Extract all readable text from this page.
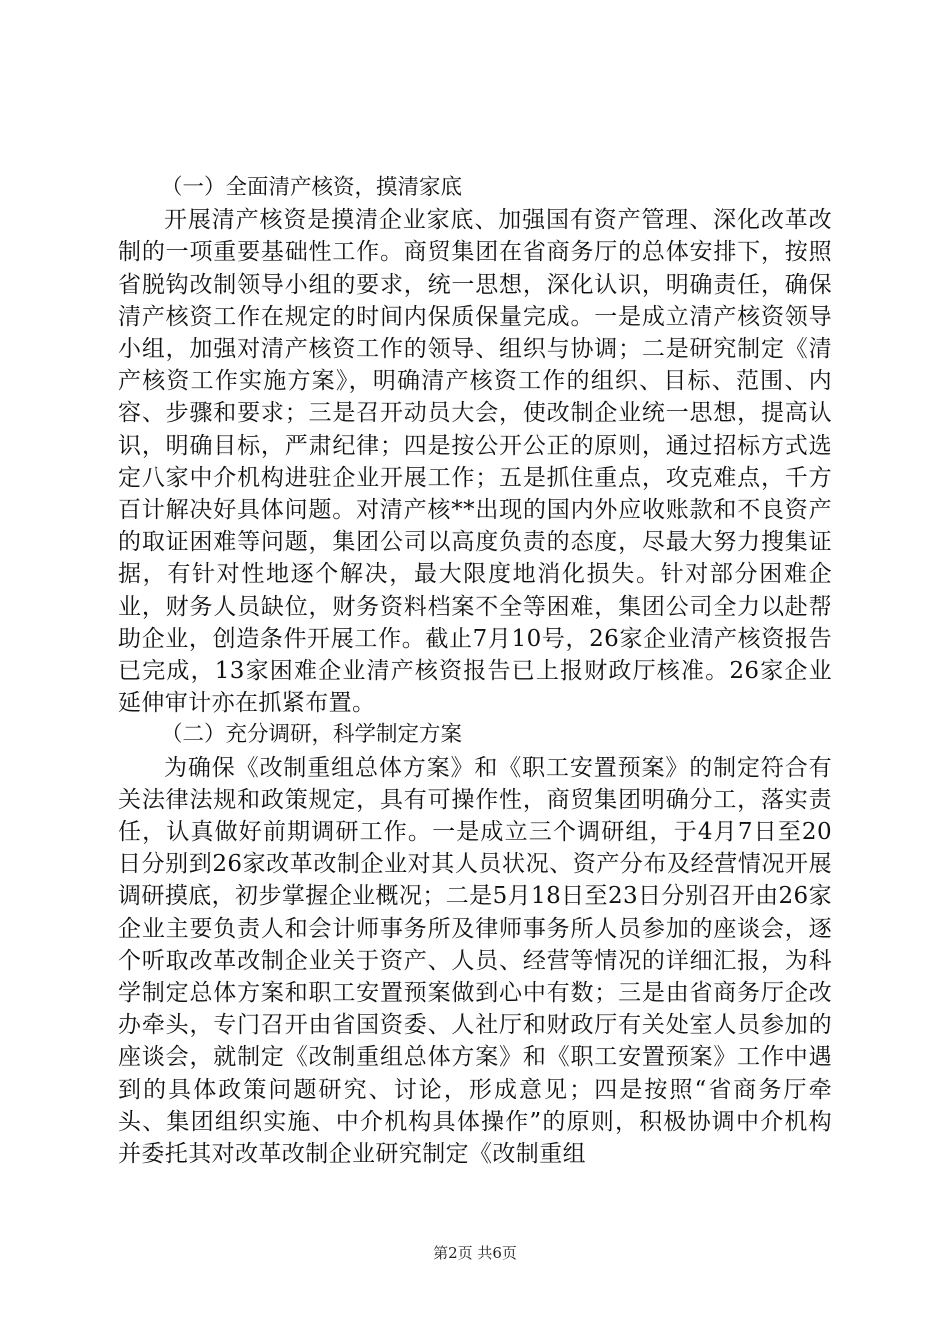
（一）全面清产核资，摸清家底

开展清产核资是摸清企业家底、加强国有资产管理、深化改革改制的一项重要基础性工作。商贸集团在省商务厅的总体安排下，按照省脱钩改制领导小组的要求，统一思想，深化认识，明确责任，确保清产核资工作在规定的时间内保质保量完成。一是成立清产核资领导小组，加强对清产核资工作的领导、组织与协调；二是研究制定《清产核资工作实施方案》，明确清产核资工作的组织、目标、范围、内容、步骤和要求；三是召开动员大会，使改制企业统一思想，提高认识，明确目标，严肃纪律；四是按公开公正的原则，通过招标方式选定八家中介机构进驻企业开展工作；五是抓住重点，攻克难点，千方百计解决好具体问题。对清产核**出现的国内外应收账款和不良资产的取证困难等问题，集团公司以高度负责的态度，尽最大努力搜集证据，有针对性地逐个解决，最大限度地消化损失。针对部分困难企业，财务人员缺位，财务资料档案不全等困难，集团公司全力以赴帮助企业，创造条件开展工作。截止7月10号，26家企业清产核资报告已完成，13家困难企业清产核资报告已上报财政厅核准。26家企业延伸审计亦在抓紧布置。

（二）充分调研，科学制定方案

为确保《改制重组总体方案》和《职工安置预案》的制定符合有关法律法规和政策规定，具有可操作性，商贸集团明确分工，落实责任，认真做好前期调研工作。一是成立三个调研组，于4月7日至20日分别到26家改革改制企业对其人员状况、资产分布及经营情况开展调研摸底，初步掌握企业概况；二是5月18日至23日分别召开由26家企业主要负责人和会计师事务所及律师事务所人员参加的座谈会，逐个听取改革改制企业关于资产、人员、经营等情况的详细汇报，为科学制定总体方案和职工安置预案做到心中有数；三是由省商务厅企改办牵头，专门召开由省国资委、人社厅和财政厅有关处室人员参加的座谈会，就制定《改制重组总体方案》和《职工安置预案》工作中遇到的具体政策问题研究、讨论，形成意见；四是按照“省商务厅牵头、集团组织实施、中介机构具体操作”的原则，积极协调中介机构并委托其对改革改制企业研究制定《改制重组

第2页 共6页
